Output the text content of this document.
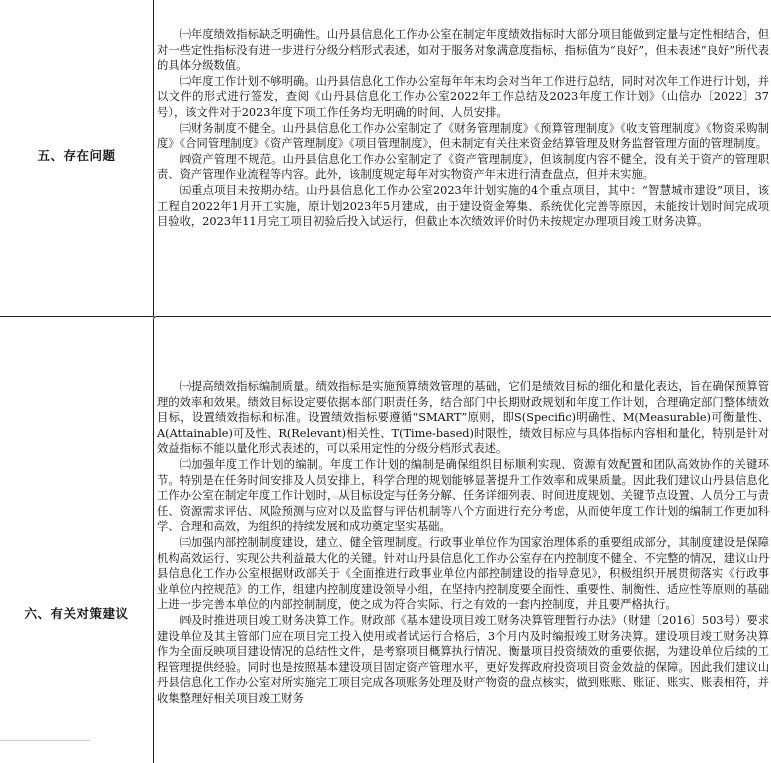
五、存在问题

㈠年度绩效指标缺乏明确性。山丹县信息化工作办公室在制定年度绩效指标时大部分项目能做到定量与定性相结合，但对一些定性指标没有进一步进行分级分档形式表述，如对于服务对象满意度指标，指标值为“良好”，但未表述“良好”所代表的具体分级数值。

㈡年度工作计划不够明确。山丹县信息化工作办公室每年年末均会对当年工作进行总结，同时对次年工作进行计划，并以文件的形式进行签发，查阅《山丹县信息化工作办公室2022年工作总结及2023年度工作计划》（山信办〔2022〕37号），该文件对于2023年度下项工作任务均无明确的时间、人员安排。

㈢财务制度不健全。山丹县信息化工作办公室制定了《财务管理制度》《预算管理制度》《收支管理制度》《物资采购制度》《合同管理制度》《资产管理制度》《项目管理制度》，但未制定有关往来资金结算管理及财务监督管理方面的管理制度。

㈣资产管理不规范。山丹县信息化工作办公室制定了《资产管理制度》，但该制度内容不健全，没有关于资产的管理职责、资产管理作业流程等内容。此外，该制度规定每年对实物资产年末进行清查盘点，但并未实施。

㈤重点项目未按期办结。山丹县信息化工作办公室2023年计划实施的4个重点项目，其中：“智慧城市建设”项目，该工程自2022年1月开工实施，原计划2023年5月建成，由于建设资金筹集、系统优化完善等原因，未能按计划时间完成项目验收，2023年11月完工项目初验后投入试运行，但截止本次绩效评价时仍未按规定办理项目竣工财务决算。

3 页
六、有关对策建议

㈠提高绩效指标编制质量。绩效指标是实施预算绩效管理的基础，它们是绩效目标的细化和量化表达，旨在确保预算管理的效率和效果。绩效目标设定要依据本部门职责任务，结合部门中长期财政规划和年度工作计划，合理确定部门整体绩效目标，设置绩效指标和标准。设置绩效指标要遵循“SMART”原则，即S(Specific)明确性、M(Measurable)可衡量性、A(Attainable)可及性、R(Relevant)相关性、T(Time-based)时限性，绩效目标应与具体指标内容相和量化，特别是针对效益指标不能以量化形式表述的，可以采用定性的分级分档形式表述。

㈡加强年度工作计划的编制。年度工作计划的编制是确保组织目标顺利实现、资源有效配置和团队高效协作的关键环节。特别是在任务时间安排及人员安排上，科学合理的规划能够显著提升工作效率和成果质量。因此我们建议山丹县信息化工作办公室在制定年度工作计划时，从目标设定与任务分解、任务详细列表、时间进度规划、关键节点设置、人员分工与责任、资源需求评估、风险预测与应对以及监督与评估机制等八个方面进行充分考虑，从而使年度工作计划的编制工作更加科学、合理和高效，为组织的持续发展和成功奠定坚实基础。

㈢加强内部控制制度建设，建立、健全管理制度。行政事业单位作为国家治理体系的重要组成部分，其制度建设是保障机构高效运行、实现公共利益最大化的关键。针对山丹县信息化工作办公室存在内控制度不健全、不完整的情况，建议山丹县信息化工作办公室根据财政部关于《全面推进行政事业单位内部控制建设的指导意见》，积极组织开展贯彻落实《行政事业单位内控规范》的工作，组建内控制度建设领导小组，在坚持内控制度要全面性、重要性、制衡性、适应性等原则的基础上进一步完善本单位的内部控制制度，使之成为符合实际、行之有效的一套内控制度，并且要严格执行。

㈣及时推进项目竣工财务决算工作。财政部《基本建设项目竣工财务决算管理暂行办法》（财建〔2016〕503号）要求建设单位及其主管部门应在项目完工投入使用或者试运行合格后，3个月内及时编报竣工财务决算。建设项目竣工财务决算作为全面反映项目建设情况的总结性文件，是考察项目概算执行情况、衡量项目投资绩效的重要依据，为建设单位后续的工程管理提供经验。同时也是按照基本建设项目固定资产管理水平，更好发挥政府投资项目资金效益的保障。因此我们建议山丹县信息化工作办公室对所实施完工项目完成各项账务处理及财产物资的盘点核实，做到账账、账证、账实、账表相符，并收集整理好相关项目竣工财务
